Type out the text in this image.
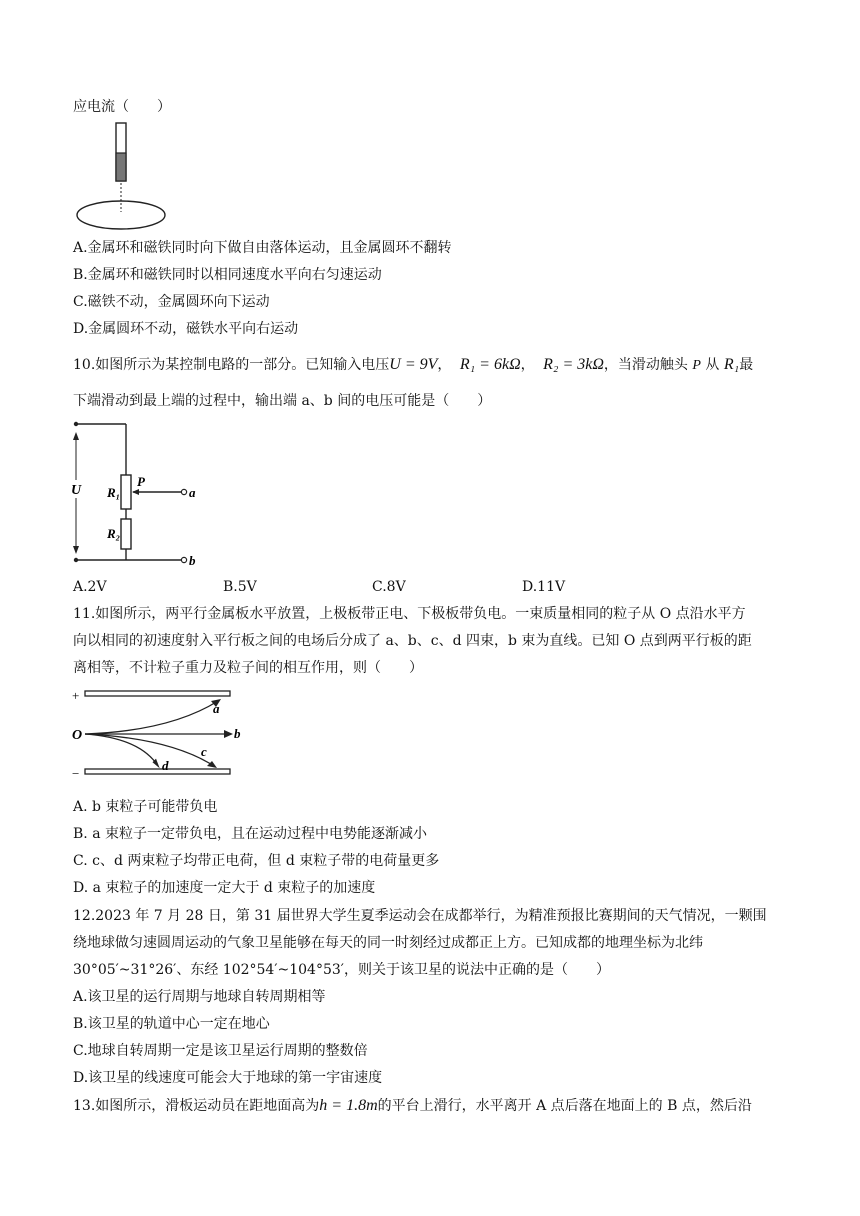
应电流（　　）
A.金属环和磁铁同时向下做自由落体运动，且金属圆环不翻转
B.金属环和磁铁同时以相同速度水平向右匀速运动
C.磁铁不动，金属圆环向下运动
D.金属圆环不动，磁铁水平向右运动
10.如图所示为某控制电路的一部分。已知输入电压U = 9V， R₁ = 6kΩ， R₂ = 3kΩ，当滑动触头 P 从 R₁最
下端滑动到最上端的过程中，输出端 a、b 间的电压可能是（　　）
U R₁
R₂
P
a
b
A.2V	B.5V	C.8V	D.11V
11.如图所示，两平行金属板水平放置，上极板带正电、下极板带负电。一束质量相同的粒子从 O 点沿水平方
向以相同的初速度射入平行板之间的电场后分成了 a、b、c、d 四束，b 束为直线。已知 O 点到两平行板的距
离相等，不计粒子重力及粒子间的相互作用，则（　　）
+
−
O
a
b
c
d
A. b 束粒子可能带负电
B. a 束粒子一定带负电，且在运动过程中电势能逐渐减小
C. c、d 两束粒子均带正电荷，但 d 束粒子带的电荷量更多
D. a 束粒子的加速度一定大于 d 束粒子的加速度
12.2023 年 7 月 28 日，第 31 届世界大学生夏季运动会在成都举行，为精准预报比赛期间的天气情况，一颗围
绕地球做匀速圆周运动的气象卫星能够在每天的同一时刻经过成都正上方。已知成都的地理坐标为北纬
30°05′~31°26′、东经 102°54′~104°53′，则关于该卫星的说法中正确的是（　　）
A.该卫星的运行周期与地球自转周期相等
B.该卫星的轨道中心一定在地心
C.地球自转周期一定是该卫星运行周期的整数倍
D.该卫星的线速度可能会大于地球的第一宇宙速度
13.如图所示，滑板运动员在距地面高为h = 1.8m的平台上滑行，水平离开 A 点后落在地面上的 B 点，然后沿
